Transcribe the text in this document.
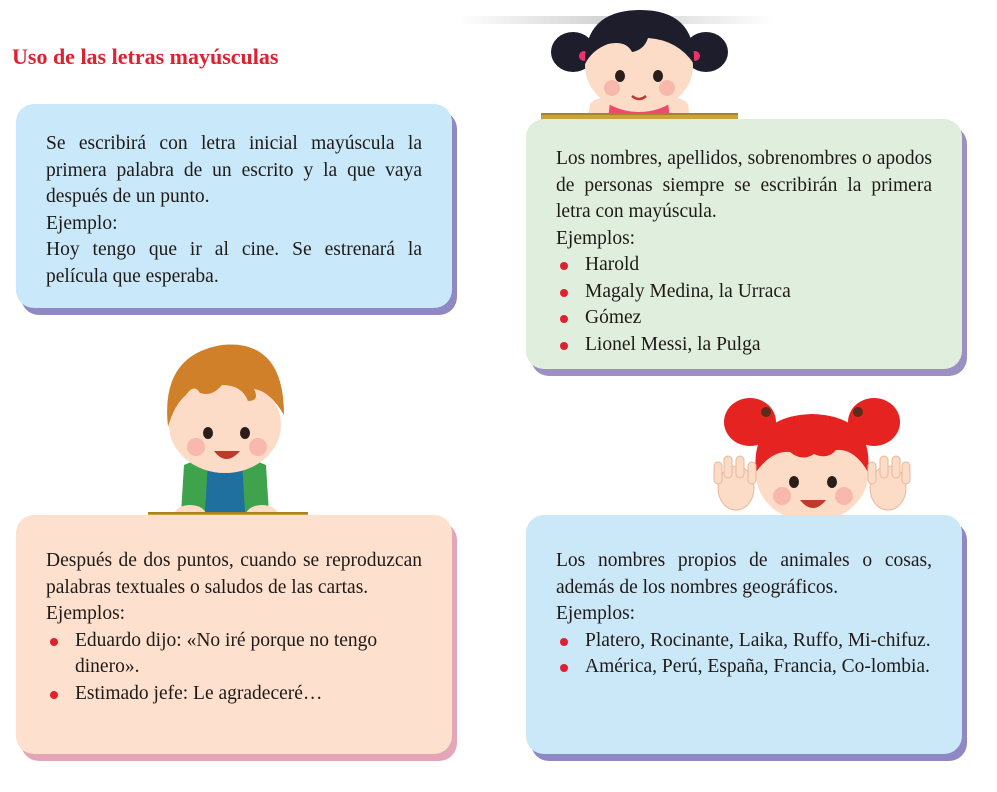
Uso de las letras mayúsculas

Se escribirá con letra inicial mayúscula la primera palabra de un escrito y la que vaya después de un punto.

Ejemplo:

Hoy tengo que ir al cine. Se estrenará la película que esperaba.

Los nombres, apellidos, sobrenombres o apodos de personas siempre se escribirán la primera letra con mayúscula.

Ejemplos:
Harold
Magaly Medina, la Urraca
Gómez
Lionel Messi, la Pulga

Después de dos puntos, cuando se reproduzcan palabras textuales o saludos de las cartas.

Ejemplos:
Eduardo dijo: «No iré porque no tengo dinero».
Estimado jefe: Le agradeceré…

Los nombres propios de animales o cosas, además de los nombres geográficos.

Ejemplos:
Platero, Rocinante, Laika, Ruffo, Mi-chifuz.
América, Perú, España, Francia, Co-lombia.
